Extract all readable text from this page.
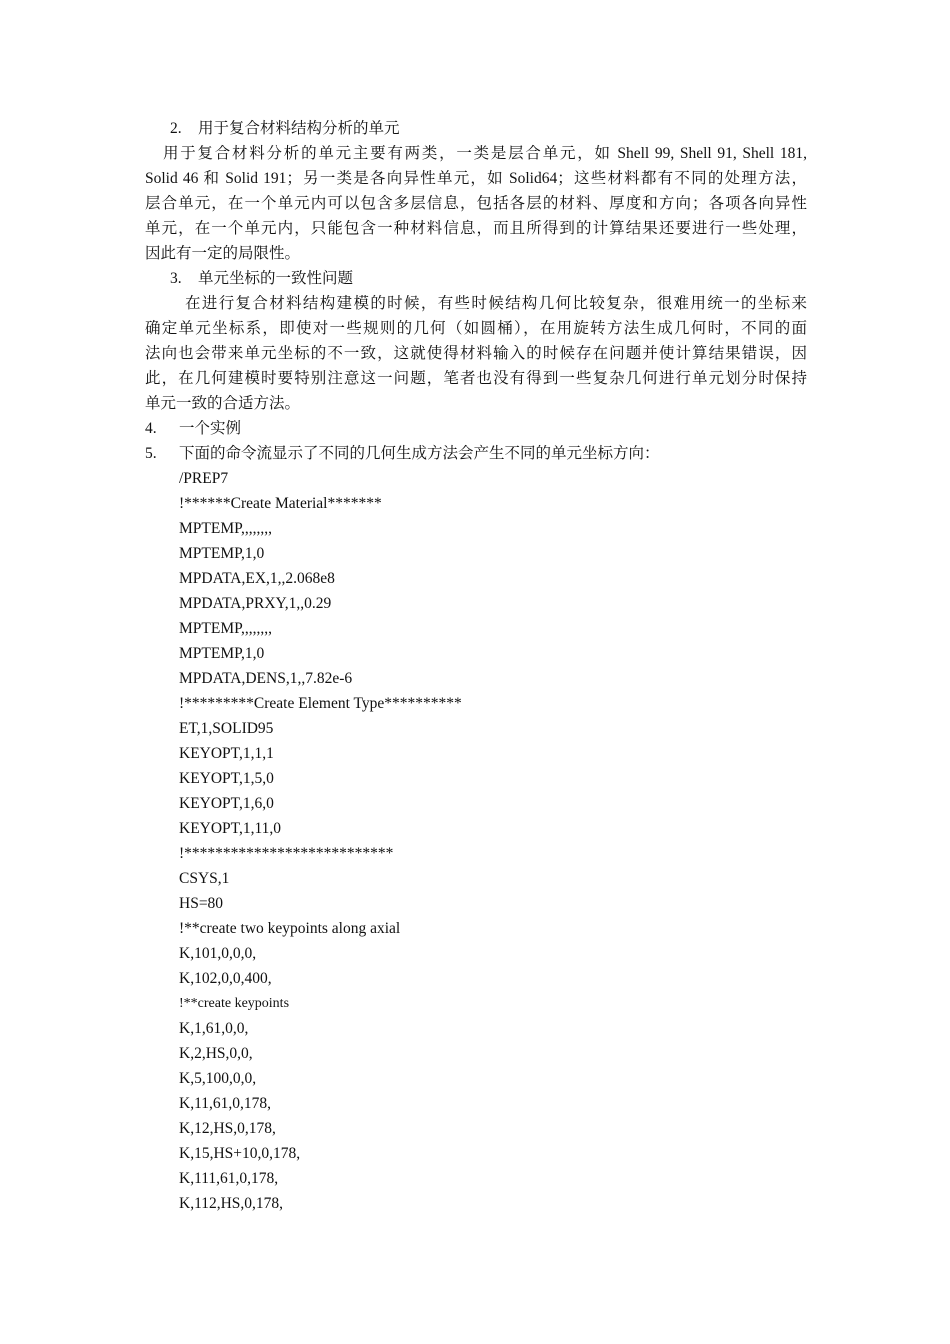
2. 用于复合材料结构分析的单元
用于复合材料分析的单元主要有两类，一类是层合单元，如 Shell 99, Shell 91, Shell 181,
Solid 46 和 Solid 191；另一类是各向异性单元，如 Solid64；这些材料都有不同的处理方法，
层合单元，在一个单元内可以包含多层信息，包括各层的材料、厚度和方向；各项各向异性
单元，在一个单元内，只能包含一种材料信息，而且所得到的计算结果还要进行一些处理，
因此有一定的局限性。
3. 单元坐标的一致性问题
在进行复合材料结构建模的时候，有些时候结构几何比较复杂，很难用统一的坐标来
确定单元坐标系，即使对一些规则的几何（如圆桶），在用旋转方法生成几何时，不同的面
法向也会带来单元坐标的不一致，这就使得材料输入的时候存在问题并使计算结果错误，因
此，在几何建模时要特别注意这一问题，笔者也没有得到一些复杂几何进行单元划分时保持
单元一致的合适方法。
4. 一个实例
5. 下面的命令流显示了不同的几何生成方法会产生不同的单元坐标方向：
/PREP7
!******Create Material*******
MPTEMP,,,,,,,,
MPTEMP,1,0
MPDATA,EX,1,,2.068e8
MPDATA,PRXY,1,,0.29
MPTEMP,,,,,,,,
MPTEMP,1,0
MPDATA,DENS,1,,7.82e-6
!*********Create Element Type**********
ET,1,SOLID95
KEYOPT,1,1,1
KEYOPT,1,5,0
KEYOPT,1,6,0
KEYOPT,1,11,0
!***************************
CSYS,1
HS=80
!**create two keypoints along axial
K,101,0,0,0,
K,102,0,0,400,
!**create keypoints
K,1,61,0,0,
K,2,HS,0,0,
K,5,100,0,0,
K,11,61,0,178,
K,12,HS,0,178,
K,15,HS+10,0,178,
K,111,61,0,178,
K,112,HS,0,178,
